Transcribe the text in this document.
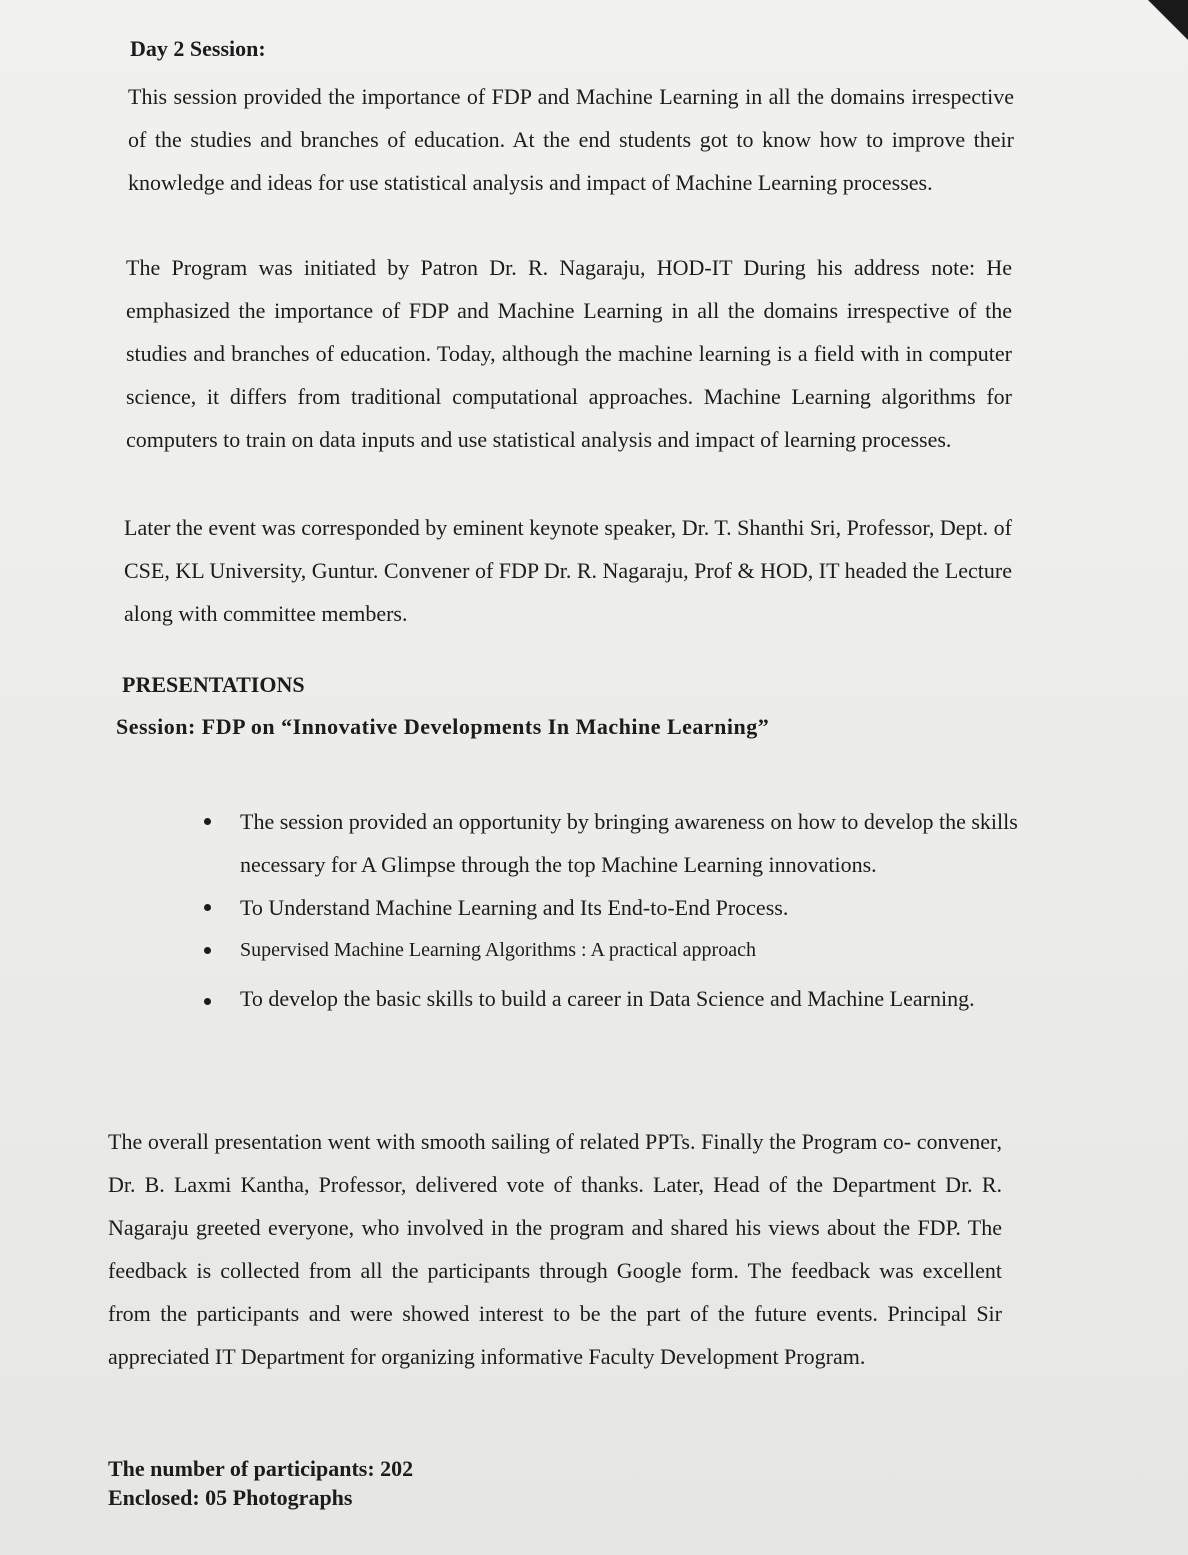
Day 2 Session:

This session provided the importance of FDP and Machine Learning in all the domains irrespective of the studies and branches of education. At the end students got to know how to improve their knowledge and ideas for use statistical analysis and impact of Machine Learning processes.

The Program was initiated by Patron Dr. R. Nagaraju, HOD-IT During his address note: He emphasized the importance of FDP and Machine Learning in all the domains irrespective of the studies and branches of education. Today, although the machine learning is a field with in computer science, it differs from traditional computational approaches. Machine Learning algorithms for computers to train on data inputs and use statistical analysis and impact of learning processes.

Later the event was corresponded by eminent keynote speaker, Dr. T. Shanthi Sri, Professor, Dept. of CSE, KL University, Guntur. Convener of FDP Dr. R. Nagaraju, Prof & HOD, IT headed the Lecture along with committee members.

PRESENTATIONS

Session: FDP on “Innovative Developments In Machine Learning”

The session provided an opportunity by bringing awareness on how to develop the skills necessary for A Glimpse through the top Machine Learning innovations.
To Understand Machine Learning and Its End-to-End Process.
Supervised Machine Learning Algorithms : A practical approach
To develop the basic skills to build a career in Data Science and Machine Learning.

The overall presentation went with smooth sailing of related PPTs. Finally the Program co- convener, Dr. B. Laxmi Kantha, Professor, delivered vote of thanks. Later, Head of the Department Dr. R. Nagaraju greeted everyone, who involved in the program and shared his views about the FDP. The feedback is collected from all the participants through Google form. The feedback was excellent from the participants and were showed interest to be the part of the future events. Principal Sir appreciated IT Department for organizing informative Faculty Development Program.

The number of participants: 202

Enclosed: 05 Photographs
